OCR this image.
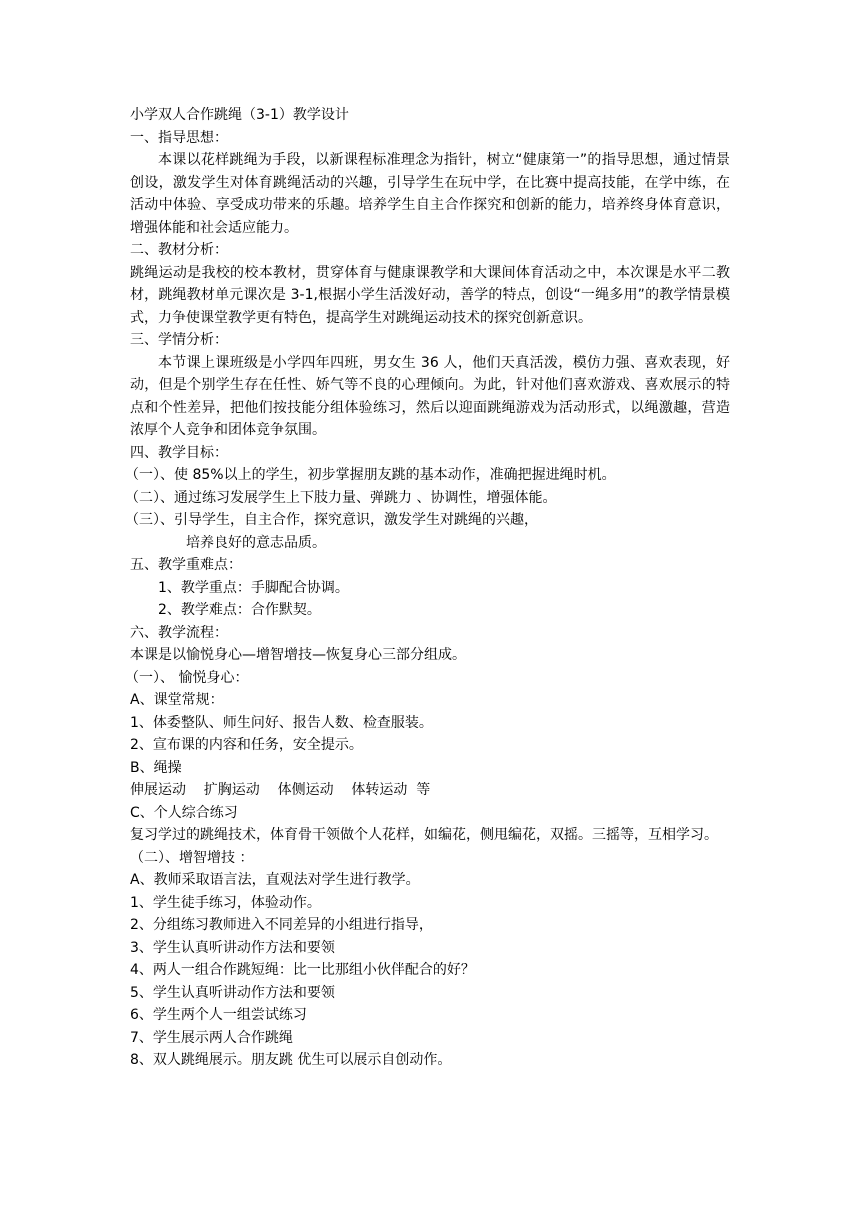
小学双人合作跳绳（3-1）教学设计
一、指导思想：
本课以花样跳绳为手段，以新课程标准理念为指针，树立“健康第一”的指导思想，通过情景创设，激发学生对体育跳绳活动的兴趣，引导学生在玩中学，在比赛中提高技能，在学中练，在活动中体验、享受成功带来的乐趣。培养学生自主合作探究和创新的能力，培养终身体育意识，增强体能和社会适应能力。
二、教材分析：
跳绳运动是我校的校本教材，贯穿体育与健康课教学和大课间体育活动之中，本次课是水平二教材，跳绳教材单元课次是 3-1,根据小学生活泼好动，善学的特点，创设“一绳多用”的教学情景模式，力争使课堂教学更有特色，提高学生对跳绳运动技术的探究创新意识。
三、学情分析：
本节课上课班级是小学四年四班，男女生 36 人，他们天真活泼，模仿力强、喜欢表现，好动，但是个别学生存在任性、娇气等不良的心理倾向。为此，针对他们喜欢游戏、喜欢展示的特点和个性差异，把他们按技能分组体验练习，然后以迎面跳绳游戏为活动形式，以绳激趣，营造浓厚个人竞争和团体竞争氛围。
四、教学目标：
（一）、使 85%以上的学生，初步掌握朋友跳的基本动作，准确把握进绳时机。
（二）、通过练习发展学生上下肢力量、弹跳力 、协调性，增强体能。
（三）、引导学生，自主合作，探究意识，激发学生对跳绳的兴趣，
培养良好的意志品质。
五、教学重难点：
1、教学重点：手脚配合协调。
2、教学难点：合作默契。
六、教学流程：
本课是以愉悦身心—增智增技—恢复身心三部分组成。
（一）、 愉悦身心：
A、课堂常规：
1、体委整队、师生问好、报告人数、检查服装。
2、宣布课的内容和任务，安全提示。
B、绳操
伸展运动    扩胸运动    体侧运动    体转运动  等
C、个人综合练习
复习学过的跳绳技术，体育骨干领做个人花样，如编花，侧甩编花，双摇。三摇等，互相学习。
（二）、增智增技 ：
A、教师采取语言法，直观法对学生进行教学。
1、学生徒手练习，体验动作。
2、分组练习教师进入不同差异的小组进行指导，
3、学生认真听讲动作方法和要领
4、两人一组合作跳短绳：比一比那组小伙伴配合的好？
5、学生认真听讲动作方法和要领
6、学生两个人一组尝试练习
7、学生展示两人合作跳绳
8、双人跳绳展示。朋友跳 优生可以展示自创动作。
